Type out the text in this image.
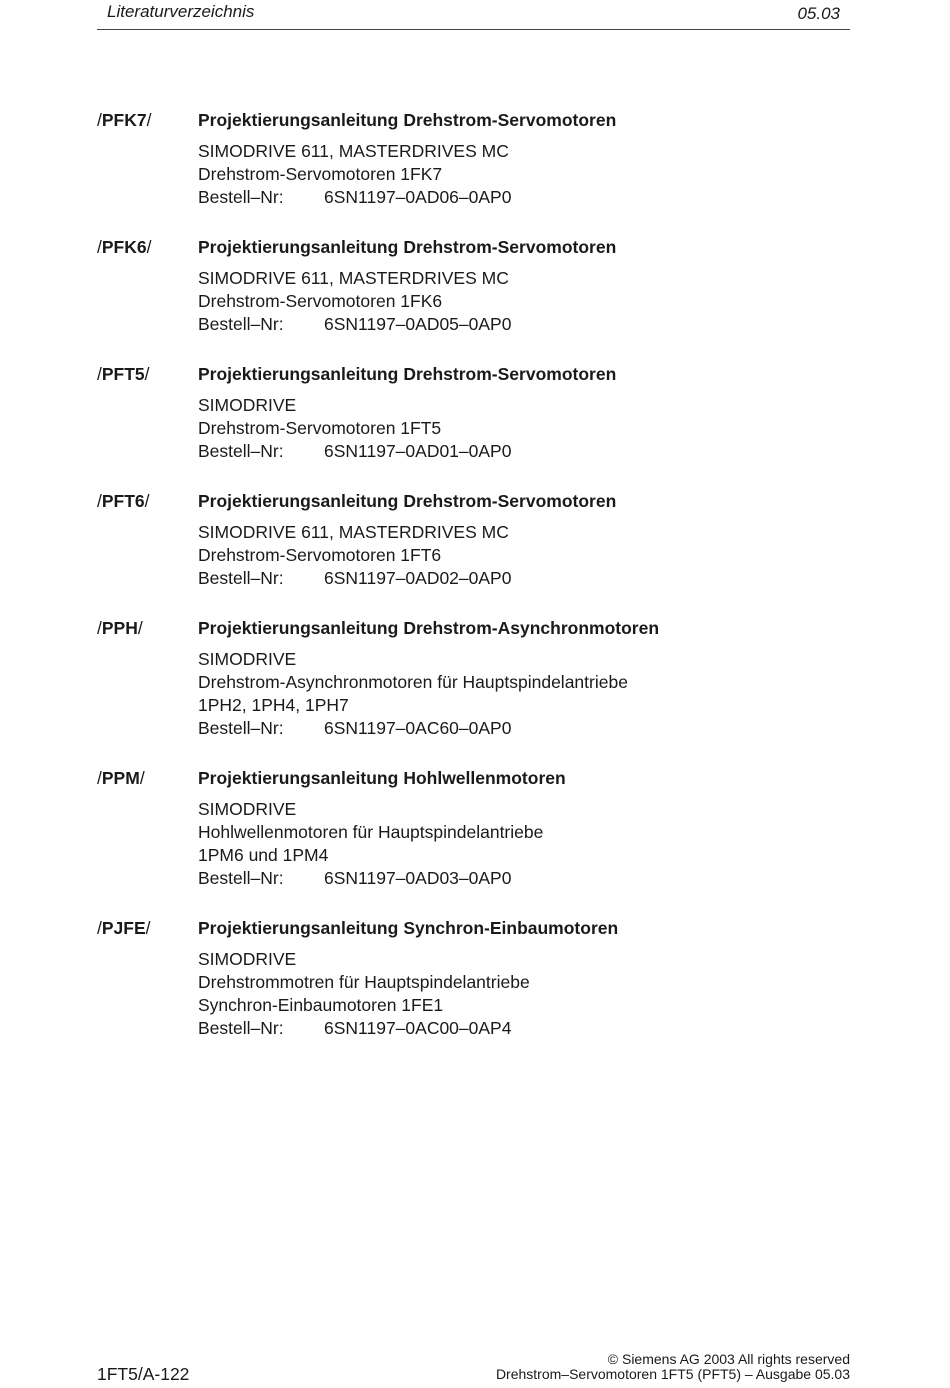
Literaturverzeichnis	05.03
/PFK7/	Projektierungsanleitung Drehstrom-Servomotoren
SIMODRIVE 611, MASTERDRIVES MC
Drehstrom-Servomotoren 1FK7
Bestell–Nr: 6SN1197–0AD06–0AP0
/PFK6/	Projektierungsanleitung Drehstrom-Servomotoren
SIMODRIVE 611, MASTERDRIVES MC
Drehstrom-Servomotoren 1FK6
Bestell–Nr: 6SN1197–0AD05–0AP0
/PFT5/	Projektierungsanleitung Drehstrom-Servomotoren
SIMODRIVE
Drehstrom-Servomotoren 1FT5
Bestell–Nr: 6SN1197–0AD01–0AP0
/PFT6/	Projektierungsanleitung Drehstrom-Servomotoren
SIMODRIVE 611, MASTERDRIVES MC
Drehstrom-Servomotoren 1FT6
Bestell–Nr: 6SN1197–0AD02–0AP0
/PPH/	Projektierungsanleitung Drehstrom-Asynchronmotoren
SIMODRIVE
Drehstrom-Asynchronmotoren für Hauptspindelantriebe
1PH2, 1PH4, 1PH7
Bestell–Nr: 6SN1197–0AC60–0AP0
/PPM/	Projektierungsanleitung Hohlwellenmotoren
SIMODRIVE
Hohlwellenmotoren für Hauptspindelantriebe
1PM6 und 1PM4
Bestell–Nr: 6SN1197–0AD03–0AP0
/PJFE/	Projektierungsanleitung Synchron-Einbaumotoren
SIMODRIVE
Drehstrommotren für Hauptspindelantriebe
Synchron-Einbaumotoren 1FE1
Bestell–Nr: 6SN1197–0AC00–0AP4
1FT5/A-122
© Siemens AG 2003 All rights reserved
Drehstrom–Servomotoren 1FT5 (PFT5) – Ausgabe 05.03
